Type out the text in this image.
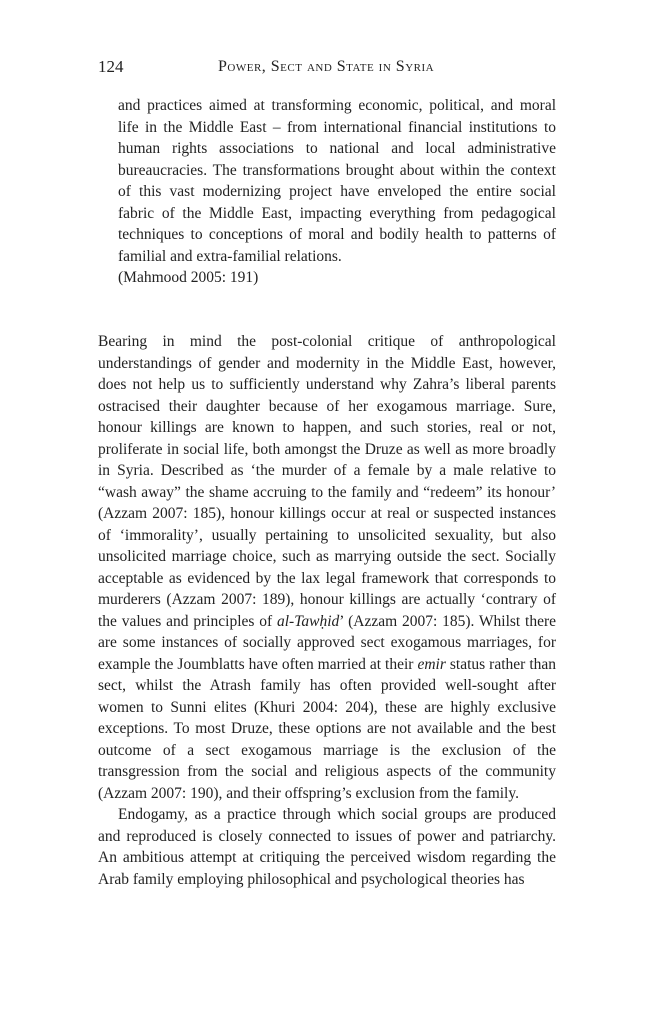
124	Power, Sect and State in Syria

and practices aimed at transforming economic, political, and moral life in the Middle East – from international financial institutions to human rights associations to national and local administrative bureaucracies. The transformations brought about within the context of this vast modernizing project have enveloped the entire social fabric of the Middle East, impacting everything from pedagogical techniques to conceptions of moral and bodily health to patterns of familial and extra-familial relations.

(Mahmood 2005: 191)

Bearing in mind the post-colonial critique of anthropological understandings of gender and modernity in the Middle East, however, does not help us to sufficiently understand why Zahra’s liberal parents ostracised their daughter because of her exogamous marriage. Sure, honour killings are known to happen, and such stories, real or not, proliferate in social life, both amongst the Druze as well as more broadly in Syria. Described as ‘the murder of a female by a male relative to “wash away” the shame accruing to the family and “redeem” its honour’ (Azzam 2007: 185), honour killings occur at real or suspected instances of ‘immorality’, usually pertaining to unsolicited sexuality, but also unsolicited marriage choice, such as marrying outside the sect. Socially acceptable as evidenced by the lax legal framework that corresponds to murderers (Azzam 2007: 189), honour killings are actually ‘contrary of the values and principles of al-Tawḥid’ (Azzam 2007: 185). Whilst there are some instances of socially approved sect exogamous marriages, for example the Joumblatts have often married at their emir status rather than sect, whilst the Atrash family has often provided well-sought after women to Sunni elites (Khuri 2004: 204), these are highly exclusive exceptions. To most Druze, these options are not available and the best outcome of a sect exogamous marriage is the exclusion of the transgression from the social and religious aspects of the community (Azzam 2007: 190), and their offspring’s exclusion from the family.

Endogamy, as a practice through which social groups are produced and reproduced is closely connected to issues of power and patriarchy. An ambitious attempt at critiquing the perceived wisdom regarding the Arab family employing philosophical and psychological theories has
